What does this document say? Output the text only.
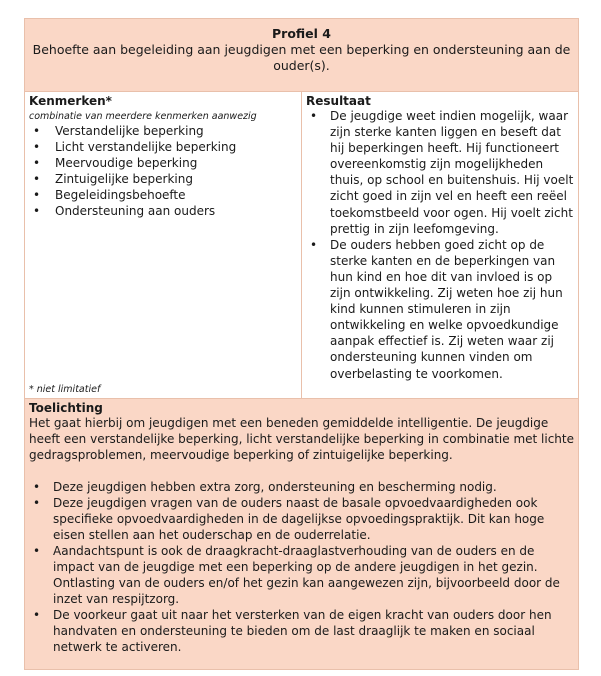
Profiel 4
Behoefte aan begeleiding aan jeugdigen met een beperking en ondersteuning aan de ouder(s).
Kenmerken*
combinatie van meerdere kenmerken aanwezig
• Verstandelijke beperking
• Licht verstandelijke beperking
• Meervoudige beperking
• Zintuigelijke beperking
• Begeleidingsbehoefte
• Ondersteuning aan ouders
* niet limitatief
Resultaat
• De jeugdige weet indien mogelijk, waar zijn sterke kanten liggen en beseft dat hij beperkingen heeft. Hij functioneert overeenkomstig zijn mogelijkheden thuis, op school en buitenshuis. Hij voelt zicht goed in zijn vel en heeft een reëel toekomstbeeld voor ogen. Hij voelt zicht prettig in zijn leefomgeving.
• De ouders hebben goed zicht op de sterke kanten en de beperkingen van hun kind en hoe dit van invloed is op zijn ontwikkeling. Zij weten hoe zij hun kind kunnen stimuleren in zijn ontwikkeling en welke opvoedkundige aanpak effectief is. Zij weten waar zij ondersteuning kunnen vinden om overbelasting te voorkomen.
Toelichting

Het gaat hierbij om jeugdigen met een beneden gemiddelde intelligentie. De jeugdige heeft een verstandelijke beperking, licht verstandelijke beperking in combinatie met lichte gedragsproblemen, meervoudige beperking of zintuigelijke beperking.

• Deze jeugdigen hebben extra zorg, ondersteuning en bescherming nodig.
• Deze jeugdigen vragen van de ouders naast de basale opvoedvaardigheden ook specifieke opvoedvaardigheden in de dagelijkse opvoedingspraktijk. Dit kan hoge eisen stellen aan het ouderschap en de ouderrelatie.
• Aandachtspunt is ook de draagkracht-draaglastverhouding van de ouders en de impact van de jeugdige met een beperking op de andere jeugdigen in het gezin. Ontlasting van de ouders en/of het gezin kan aangewezen zijn, bijvoorbeeld door de inzet van respijtzorg.
• De voorkeur gaat uit naar het versterken van de eigen kracht van ouders door hen handvaten en ondersteuning te bieden om de last draaglijk te maken en sociaal netwerk te activeren.
